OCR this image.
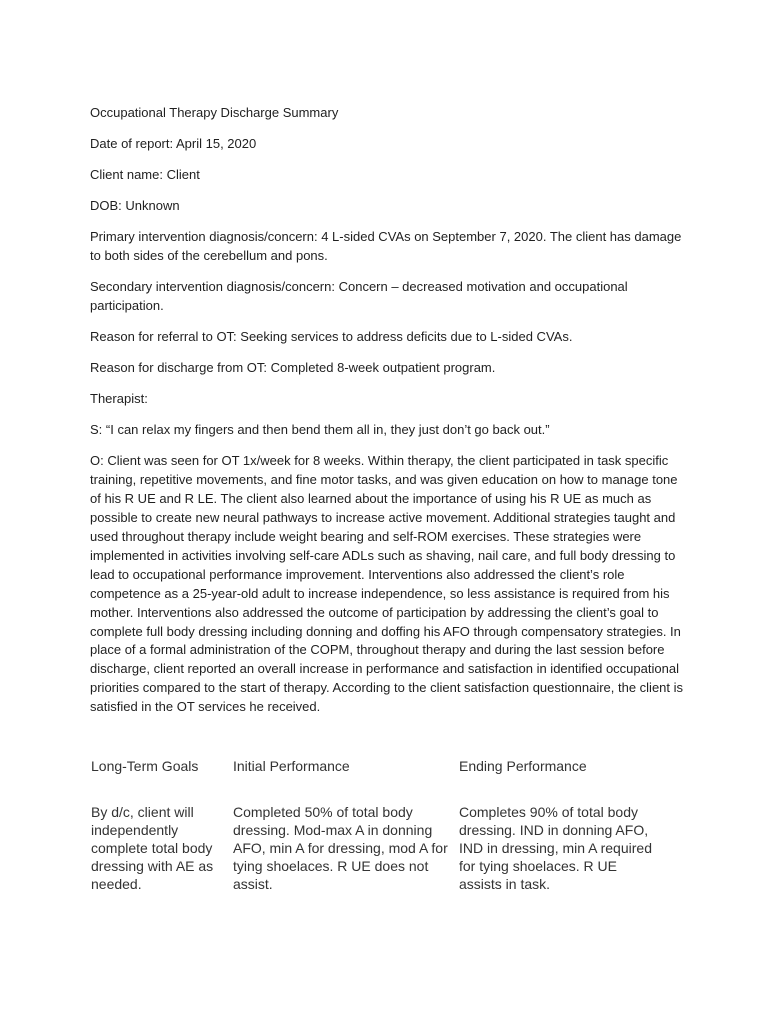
Occupational Therapy Discharge Summary

Date of report: April 15, 2020

Client name: Client

DOB: Unknown

Primary intervention diagnosis/concern: 4 L-sided CVAs on September 7, 2020. The client has damage to both sides of the cerebellum and pons.

Secondary intervention diagnosis/concern: Concern – decreased motivation and occupational participation.

Reason for referral to OT: Seeking services to address deficits due to L-sided CVAs.

Reason for discharge from OT: Completed 8-week outpatient program.

Therapist:

S: “I can relax my fingers and then bend them all in, they just don’t go back out.”

O: Client was seen for OT 1x/week for 8 weeks. Within therapy, the client participated in task specific training, repetitive movements, and fine motor tasks, and was given education on how to manage tone of his R UE and R LE. The client also learned about the importance of using his R UE as much as possible to create new neural pathways to increase active movement. Additional strategies taught and used throughout therapy include weight bearing and self-ROM exercises. These strategies were implemented in activities involving self-care ADLs such as shaving, nail care, and full body dressing to lead to occupational performance improvement. Interventions also addressed the client’s role competence as a 25-year-old adult to increase independence, so less assistance is required from his mother. Interventions also addressed the outcome of participation by addressing the client’s goal to complete full body dressing including donning and doffing his AFO through compensatory strategies. In place of a formal administration of the COPM, throughout therapy and during the last session before discharge, client reported an overall increase in performance and satisfaction in identified occupational priorities compared to the start of therapy. According to the client satisfaction questionnaire, the client is satisfied in the OT services he received.

Long-Term Goals	Initial Performance	Ending Performance
By d/c, client will independently complete total body dressing with AE as needed.
Completed 50% of total body dressing. Mod-max A in donning AFO, min A for dressing, mod A for tying shoelaces. R UE does not assist.
Completes 90% of total body dressing. IND in donning AFO, IND in dressing, min A required for tying shoelaces. R UE assists in task.
